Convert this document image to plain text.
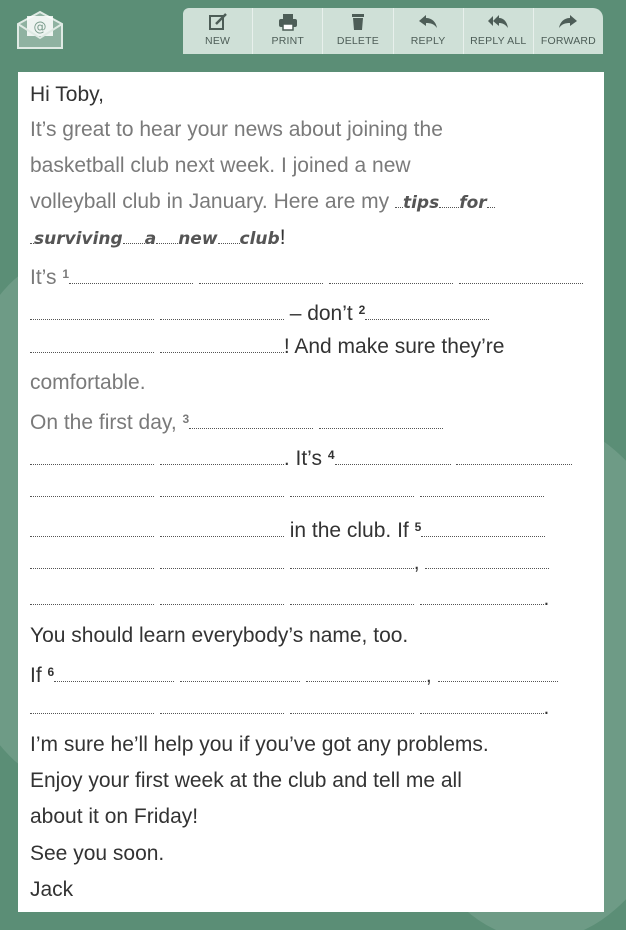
@
NEW	PRINT	DELETE	REPLY REPLY ALL FORWARD
Hi Toby,
It’s great to hear your news about joining the
basketball club next week. I joined a new
volleyball club in January. Here are my tips for
surviving a new club!
It’s $^1$
– don’t $^2$
! And make sure they’re
comfortable.
On the first day, $^3$
. It’s $^4$

in the club. If $^5$
,
.
You should learn everybody’s name, too.
If $^6$	,
.
I’m sure he’ll help you if you’ve got any problems.
Enjoy your first week at the club and tell me all
about it on Friday!
See you soon.
Jack
